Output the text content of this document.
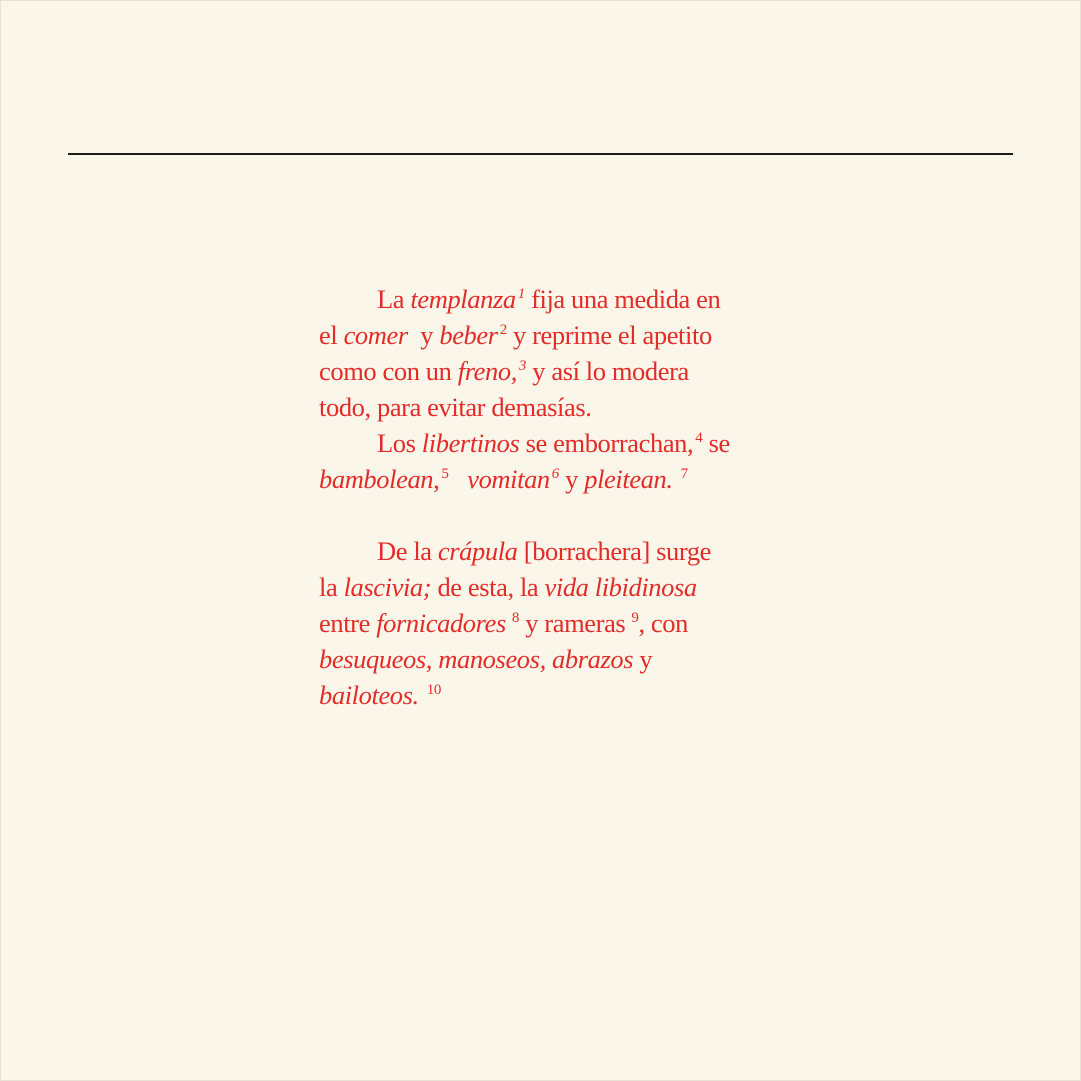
La templanza $^1$ fija una medida en
el comer y beber $^2$ y reprime el apetito
como con un freno, $^3$ y así lo modera
todo, para evitar demasías.
Los libertinos se emborrachan, $^4$ se
bambolean, $^5$ vomitan $^6$ y pleitean. $^7$
De la crápula [borrachera] surge
la lascivia; de esta, la vida libidinosa
entre fornicadores $^8$ y rameras $^9$, con
besuqueos, manoseos, abrazos y
bailoteos. $^{10}$
